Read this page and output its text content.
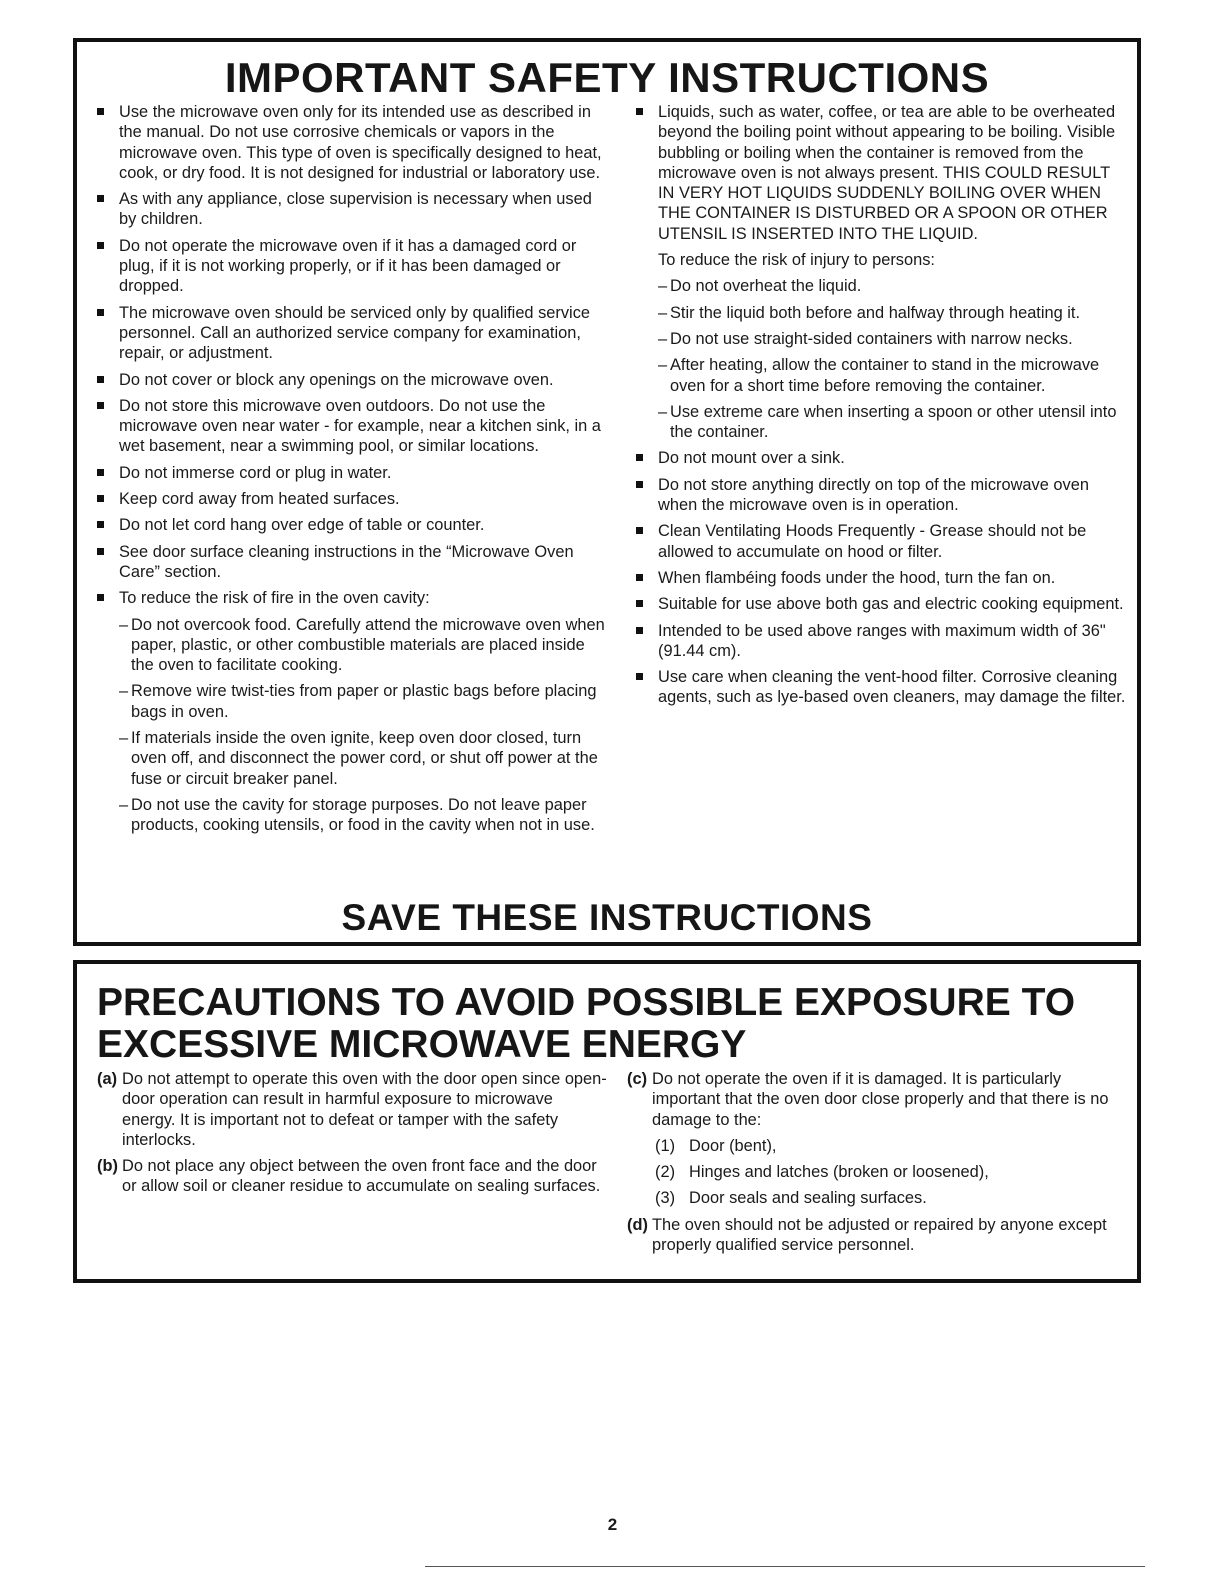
IMPORTANT SAFETY INSTRUCTIONS
Use the microwave oven only for its intended use as described in the manual. Do not use corrosive chemicals or vapors in the microwave oven. This type of oven is specifically designed to heat, cook, or dry food. It is not designed for industrial or laboratory use.
As with any appliance, close supervision is necessary when used by children.
Do not operate the microwave oven if it has a damaged cord or plug, if it is not working properly, or if it has been damaged or dropped.
The microwave oven should be serviced only by qualified service personnel. Call an authorized service company for examination, repair, or adjustment.
Do not cover or block any openings on the microwave oven.
Do not store this microwave oven outdoors. Do not use the microwave oven near water - for example, near a kitchen sink, in a wet basement, near a swimming pool, or similar locations.
Do not immerse cord or plug in water.
Keep cord away from heated surfaces.
Do not let cord hang over edge of table or counter.
See door surface cleaning instructions in the “Microwave Oven Care” section.
To reduce the risk of fire in the oven cavity:
– Do not overcook food. Carefully attend the microwave oven when paper, plastic, or other combustible materials are placed inside the oven to facilitate cooking.
– Remove wire twist-ties from paper or plastic bags before placing bags in oven.
– If materials inside the oven ignite, keep oven door closed, turn oven off, and disconnect the power cord, or shut off power at the fuse or circuit breaker panel.
– Do not use the cavity for storage purposes. Do not leave paper products, cooking utensils, or food in the cavity when not in use.
Liquids, such as water, coffee, or tea are able to be overheated beyond the boiling point without appearing to be boiling. Visible bubbling or boiling when the container is removed from the microwave oven is not always present. THIS COULD RESULT IN VERY HOT LIQUIDS SUDDENLY BOILING OVER WHEN THE CONTAINER IS DISTURBED OR A SPOON OR OTHER UTENSIL IS INSERTED INTO THE LIQUID.
To reduce the risk of injury to persons:
– Do not overheat the liquid.
– Stir the liquid both before and halfway through heating it.
– Do not use straight-sided containers with narrow necks.
– After heating, allow the container to stand in the microwave oven for a short time before removing the container.
– Use extreme care when inserting a spoon or other utensil into the container.
Do not mount over a sink.
Do not store anything directly on top of the microwave oven when the microwave oven is in operation.
Clean Ventilating Hoods Frequently - Grease should not be allowed to accumulate on hood or filter.
When flambéing foods under the hood, turn the fan on.
Suitable for use above both gas and electric cooking equipment.
Intended to be used above ranges with maximum width of 36" (91.44 cm).
Use care when cleaning the vent-hood filter. Corrosive cleaning agents, such as lye-based oven cleaners, may damage the filter.
SAVE THESE INSTRUCTIONS
PRECAUTIONS TO AVOID POSSIBLE EXPOSURE TO
EXCESSIVE MICROWAVE ENERGY
(a) Do not attempt to operate this oven with the door open since open-door operation can result in harmful exposure to microwave energy. It is important not to defeat or tamper with the safety interlocks.
(b) Do not place any object between the oven front face and the door or allow soil or cleaner residue to accumulate on sealing surfaces.
(c) Do not operate the oven if it is damaged. It is particularly important that the oven door close properly and that there is no damage to the:
(1) Door (bent),
(2) Hinges and latches (broken or loosened),
(3) Door seals and sealing surfaces.
(d) The oven should not be adjusted or repaired by anyone except properly qualified service personnel.
2
